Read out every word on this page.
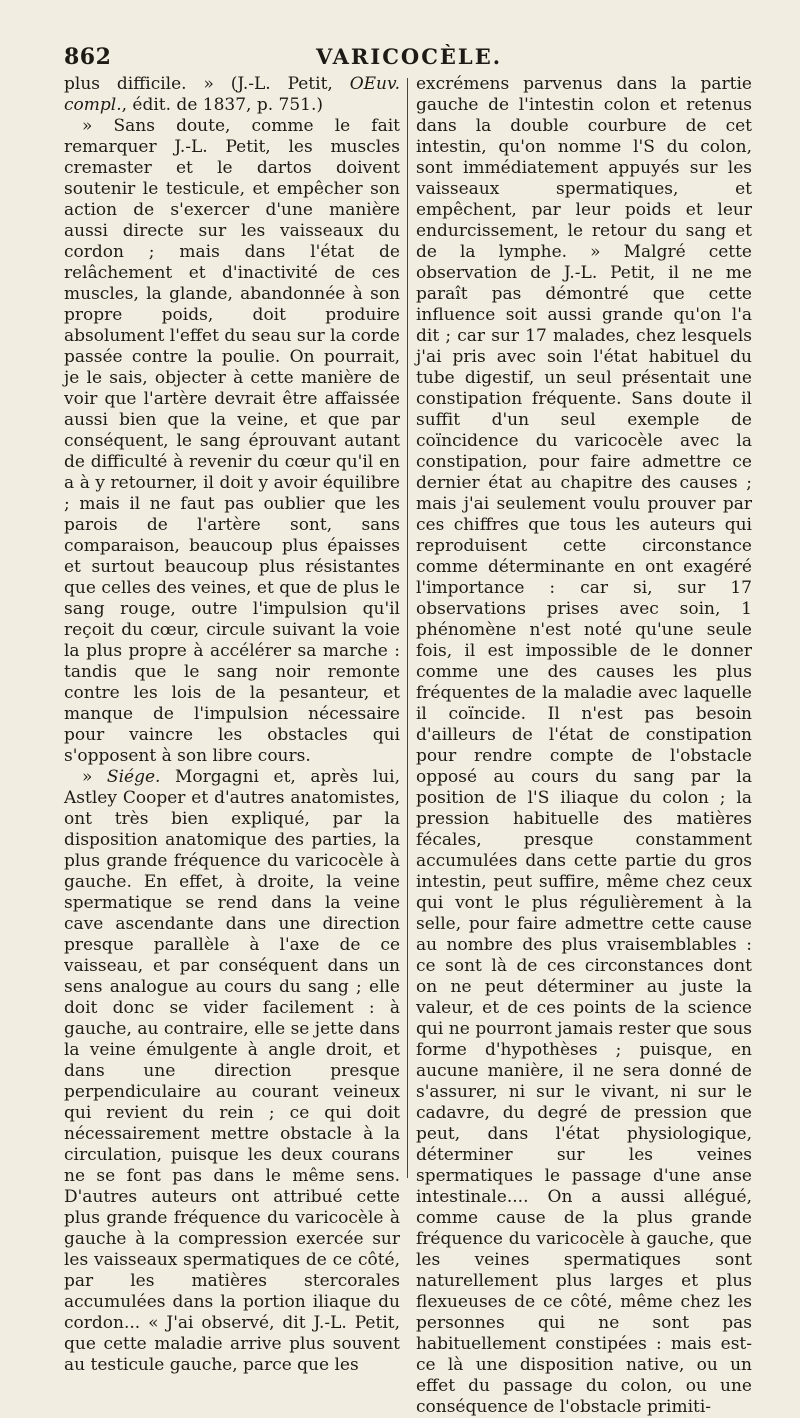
862	VARICOCÈLE.

plus difficile. » (J.-L. Petit, OEuv. compl., édit. de 1837, p. 751.)

» Sans doute, comme le fait remarquer J.-L. Petit, les muscles cremaster et le dartos doivent soutenir le testicule, et empêcher son action de s'exercer d'une manière aussi directe sur les vaisseaux du cordon ; mais dans l'état de relâchement et d'inactivité de ces muscles, la glande, abandonnée à son propre poids, doit produire absolument l'effet du seau sur la corde passée contre la poulie. On pourrait, je le sais, objecter à cette manière de voir que l'artère devrait être affaissée aussi bien que la veine, et que par conséquent, le sang éprouvant autant de difficulté à revenir du cœur qu'il en a à y retourner, il doit y avoir équilibre ; mais il ne faut pas oublier que les parois de l'artère sont, sans comparaison, beaucoup plus épaisses et surtout beaucoup plus résistantes que celles des veines, et que de plus le sang rouge, outre l'impulsion qu'il reçoit du cœur, circule suivant la voie la plus propre à accélérer sa marche : tandis que le sang noir remonte contre les lois de la pesanteur, et manque de l'impulsion nécessaire pour vaincre les obstacles qui s'opposent à son libre cours.

» Siége. Morgagni et, après lui, Astley Cooper et d'autres anatomistes, ont très bien expliqué, par la disposition anatomique des parties, la plus grande fréquence du varicocèle à gauche. En effet, à droite, la veine spermatique se rend dans la veine cave ascendante dans une direction presque parallèle à l'axe de ce vaisseau, et par conséquent dans un sens analogue au cours du sang ; elle doit donc se vider facilement : à gauche, au contraire, elle se jette dans la veine émulgente à angle droit, et dans une direction presque perpendiculaire au courant veineux qui revient du rein ; ce qui doit nécessairement mettre obstacle à la circulation, puisque les deux courans ne se font pas dans le même sens. D'autres auteurs ont attribué cette plus grande fréquence du varicocèle à gauche à la compression exercée sur les vaisseaux spermatiques de ce côté, par les matières stercorales accumulées dans la portion iliaque du cordon... « J'ai observé, dit J.-L. Petit, que cette maladie arrive plus souvent au testicule gauche, parce que les

excrémens parvenus dans la partie gauche de l'intestin colon et retenus dans la double courbure de cet intestin, qu'on nomme l'S du colon, sont immédiatement appuyés sur les vaisseaux spermatiques, et empêchent, par leur poids et leur endurcissement, le retour du sang et de la lymphe. » Malgré cette observation de J.-L. Petit, il ne me paraît pas démontré que cette influence soit aussi grande qu'on l'a dit ; car sur 17 malades, chez lesquels j'ai pris avec soin l'état habituel du tube digestif, un seul présentait une constipation fréquente. Sans doute il suffit d'un seul exemple de coïncidence du varicocèle avec la constipation, pour faire admettre ce dernier état au chapitre des causes ; mais j'ai seulement voulu prouver par ces chiffres que tous les auteurs qui reproduisent cette circonstance comme déterminante en ont exagéré l'importance : car si, sur 17 observations prises avec soin, 1 phénomène n'est noté qu'une seule fois, il est impossible de le donner comme une des causes les plus fréquentes de la maladie avec laquelle il coïncide. Il n'est pas besoin d'ailleurs de l'état de constipation pour rendre compte de l'obstacle opposé au cours du sang par la position de l'S iliaque du colon ; la pression habituelle des matières fécales, presque constamment accumulées dans cette partie du gros intestin, peut suffire, même chez ceux qui vont le plus régulièrement à la selle, pour faire admettre cette cause au nombre des plus vraisemblables : ce sont là de ces circonstances dont on ne peut déterminer au juste la valeur, et de ces points de la science qui ne pourront jamais rester que sous forme d'hypothèses ; puisque, en aucune manière, il ne sera donné de s'assurer, ni sur le vivant, ni sur le cadavre, du degré de pression que peut, dans l'état physiologique, déterminer sur les veines spermatiques le passage d'une anse intestinale.... On a aussi allégué, comme cause de la plus grande fréquence du varicocèle à gauche, que les veines spermatiques sont naturellement plus larges et plus flexueuses de ce côté, même chez les personnes qui ne sont pas habituellement constipées : mais est-ce là une disposition native, ou un effet du passage du colon, ou une conséquence de l'obstacle primiti-
